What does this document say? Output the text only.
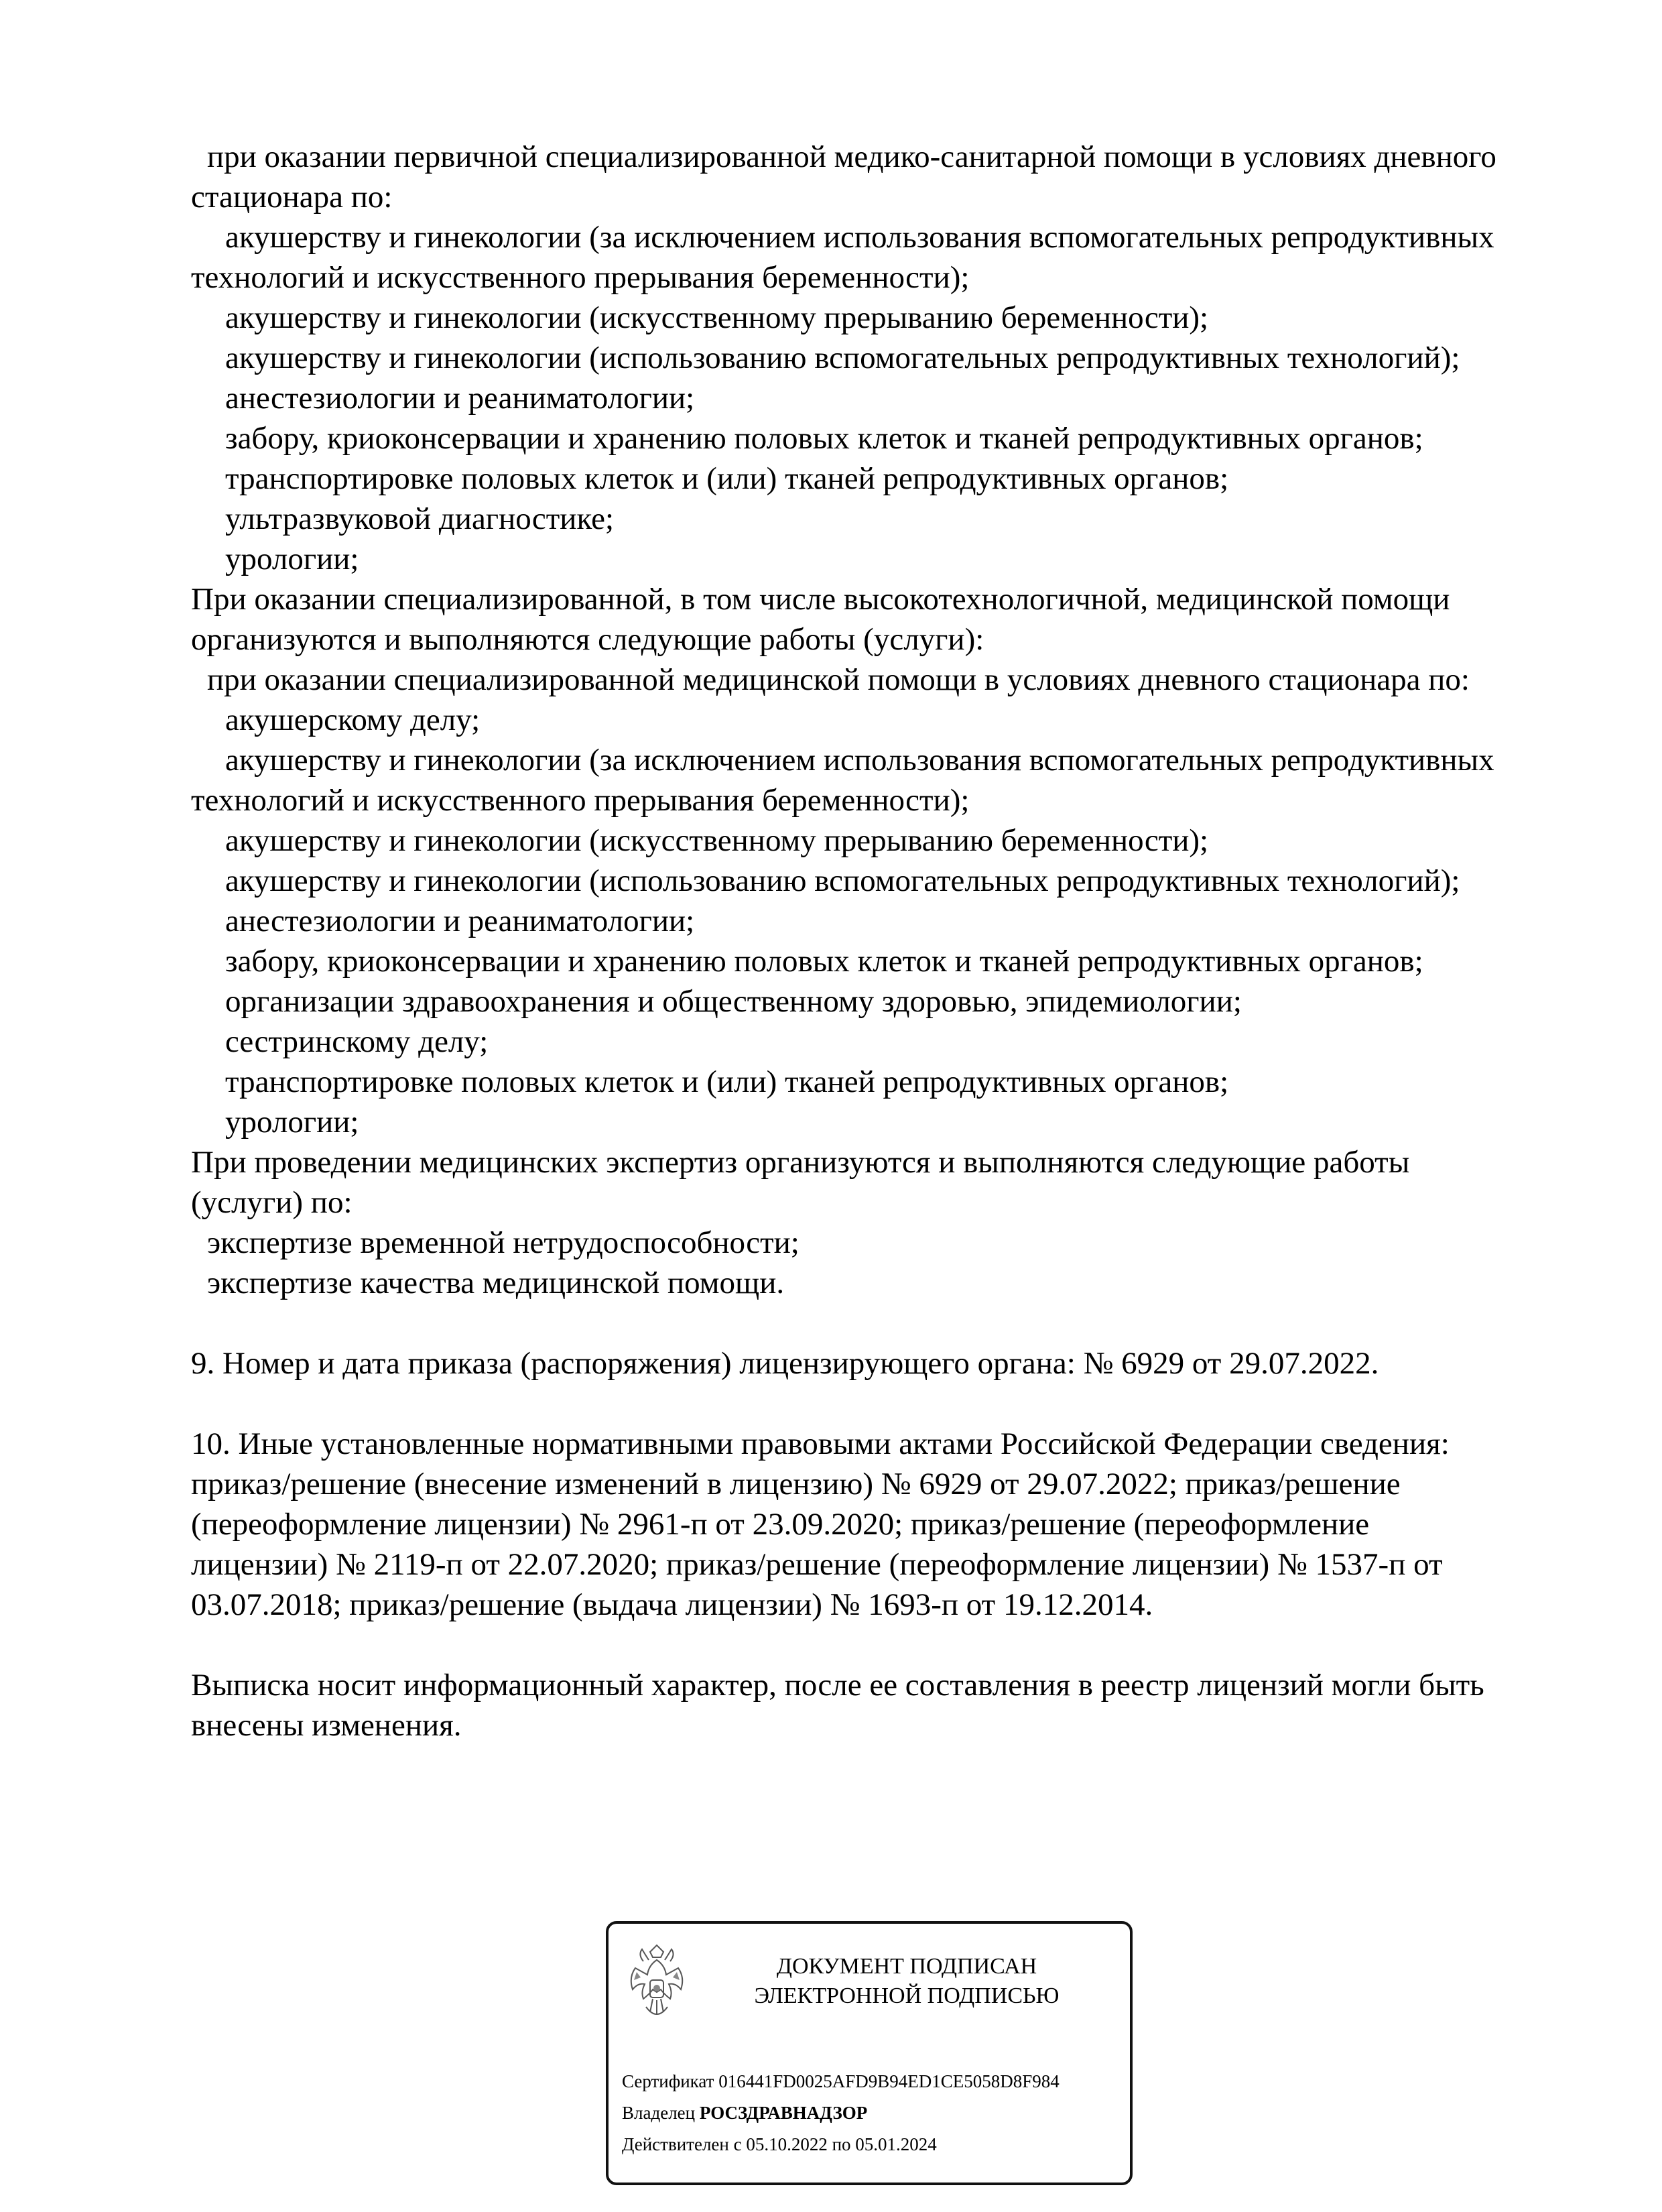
при оказании первичной специализированной медико-санитарной помощи в условиях дневного
стационара по:
акушерству и гинекологии (за исключением использования вспомогательных репродуктивных
технологий и искусственного прерывания беременности);
акушерству и гинекологии (искусственному прерыванию беременности);
акушерству и гинекологии (использованию вспомогательных репродуктивных технологий);
анестезиологии и реаниматологии;
забору, криоконсервации и хранению половых клеток и тканей репродуктивных органов;
транспортировке половых клеток и (или) тканей репродуктивных органов;
ультразвуковой диагностике;
урологии;
При оказании специализированной, в том числе высокотехнологичной, медицинской помощи
организуются и выполняются следующие работы (услуги):
при оказании специализированной медицинской помощи в условиях дневного стационара по:
акушерскому делу;
акушерству и гинекологии (за исключением использования вспомогательных репродуктивных
технологий и искусственного прерывания беременности);
акушерству и гинекологии (искусственному прерыванию беременности);
акушерству и гинекологии (использованию вспомогательных репродуктивных технологий);
анестезиологии и реаниматологии;
забору, криоконсервации и хранению половых клеток и тканей репродуктивных органов;
организации здравоохранения и общественному здоровью, эпидемиологии;
сестринскому делу;
транспортировке половых клеток и (или) тканей репродуктивных органов;
урологии;
При проведении медицинских экспертиз организуются и выполняются следующие работы
(услуги) по:
экспертизе временной нетрудоспособности;
экспертизе качества медицинской помощи.
9. Номер и дата приказа (распоряжения) лицензирующего органа: № 6929 от 29.07.2022.
10. Иные установленные нормативными правовыми актами Российской Федерации сведения:
приказ/решение (внесение изменений в лицензию) № 6929 от 29.07.2022; приказ/решение
(переоформление лицензии) № 2961-п от 23.09.2020; приказ/решение (переоформление
лицензии) № 2119-п от 22.07.2020; приказ/решение (переоформление лицензии) № 1537-п от
03.07.2018; приказ/решение (выдача лицензии) № 1693-п от 19.12.2014.
Выписка носит информационный характер, после ее составления в реестр лицензий могли быть
внесены изменения.
ДОКУМЕНТ ПОДПИСАН
ЭЛЕКТРОННОЙ ПОДПИСЬЮ
Сертификат 016441FD0025AFD9B94ED1CE5058D8F984
Владелец РОСЗДРАВНАДЗОР
Действителен с 05.10.2022 по 05.01.2024
